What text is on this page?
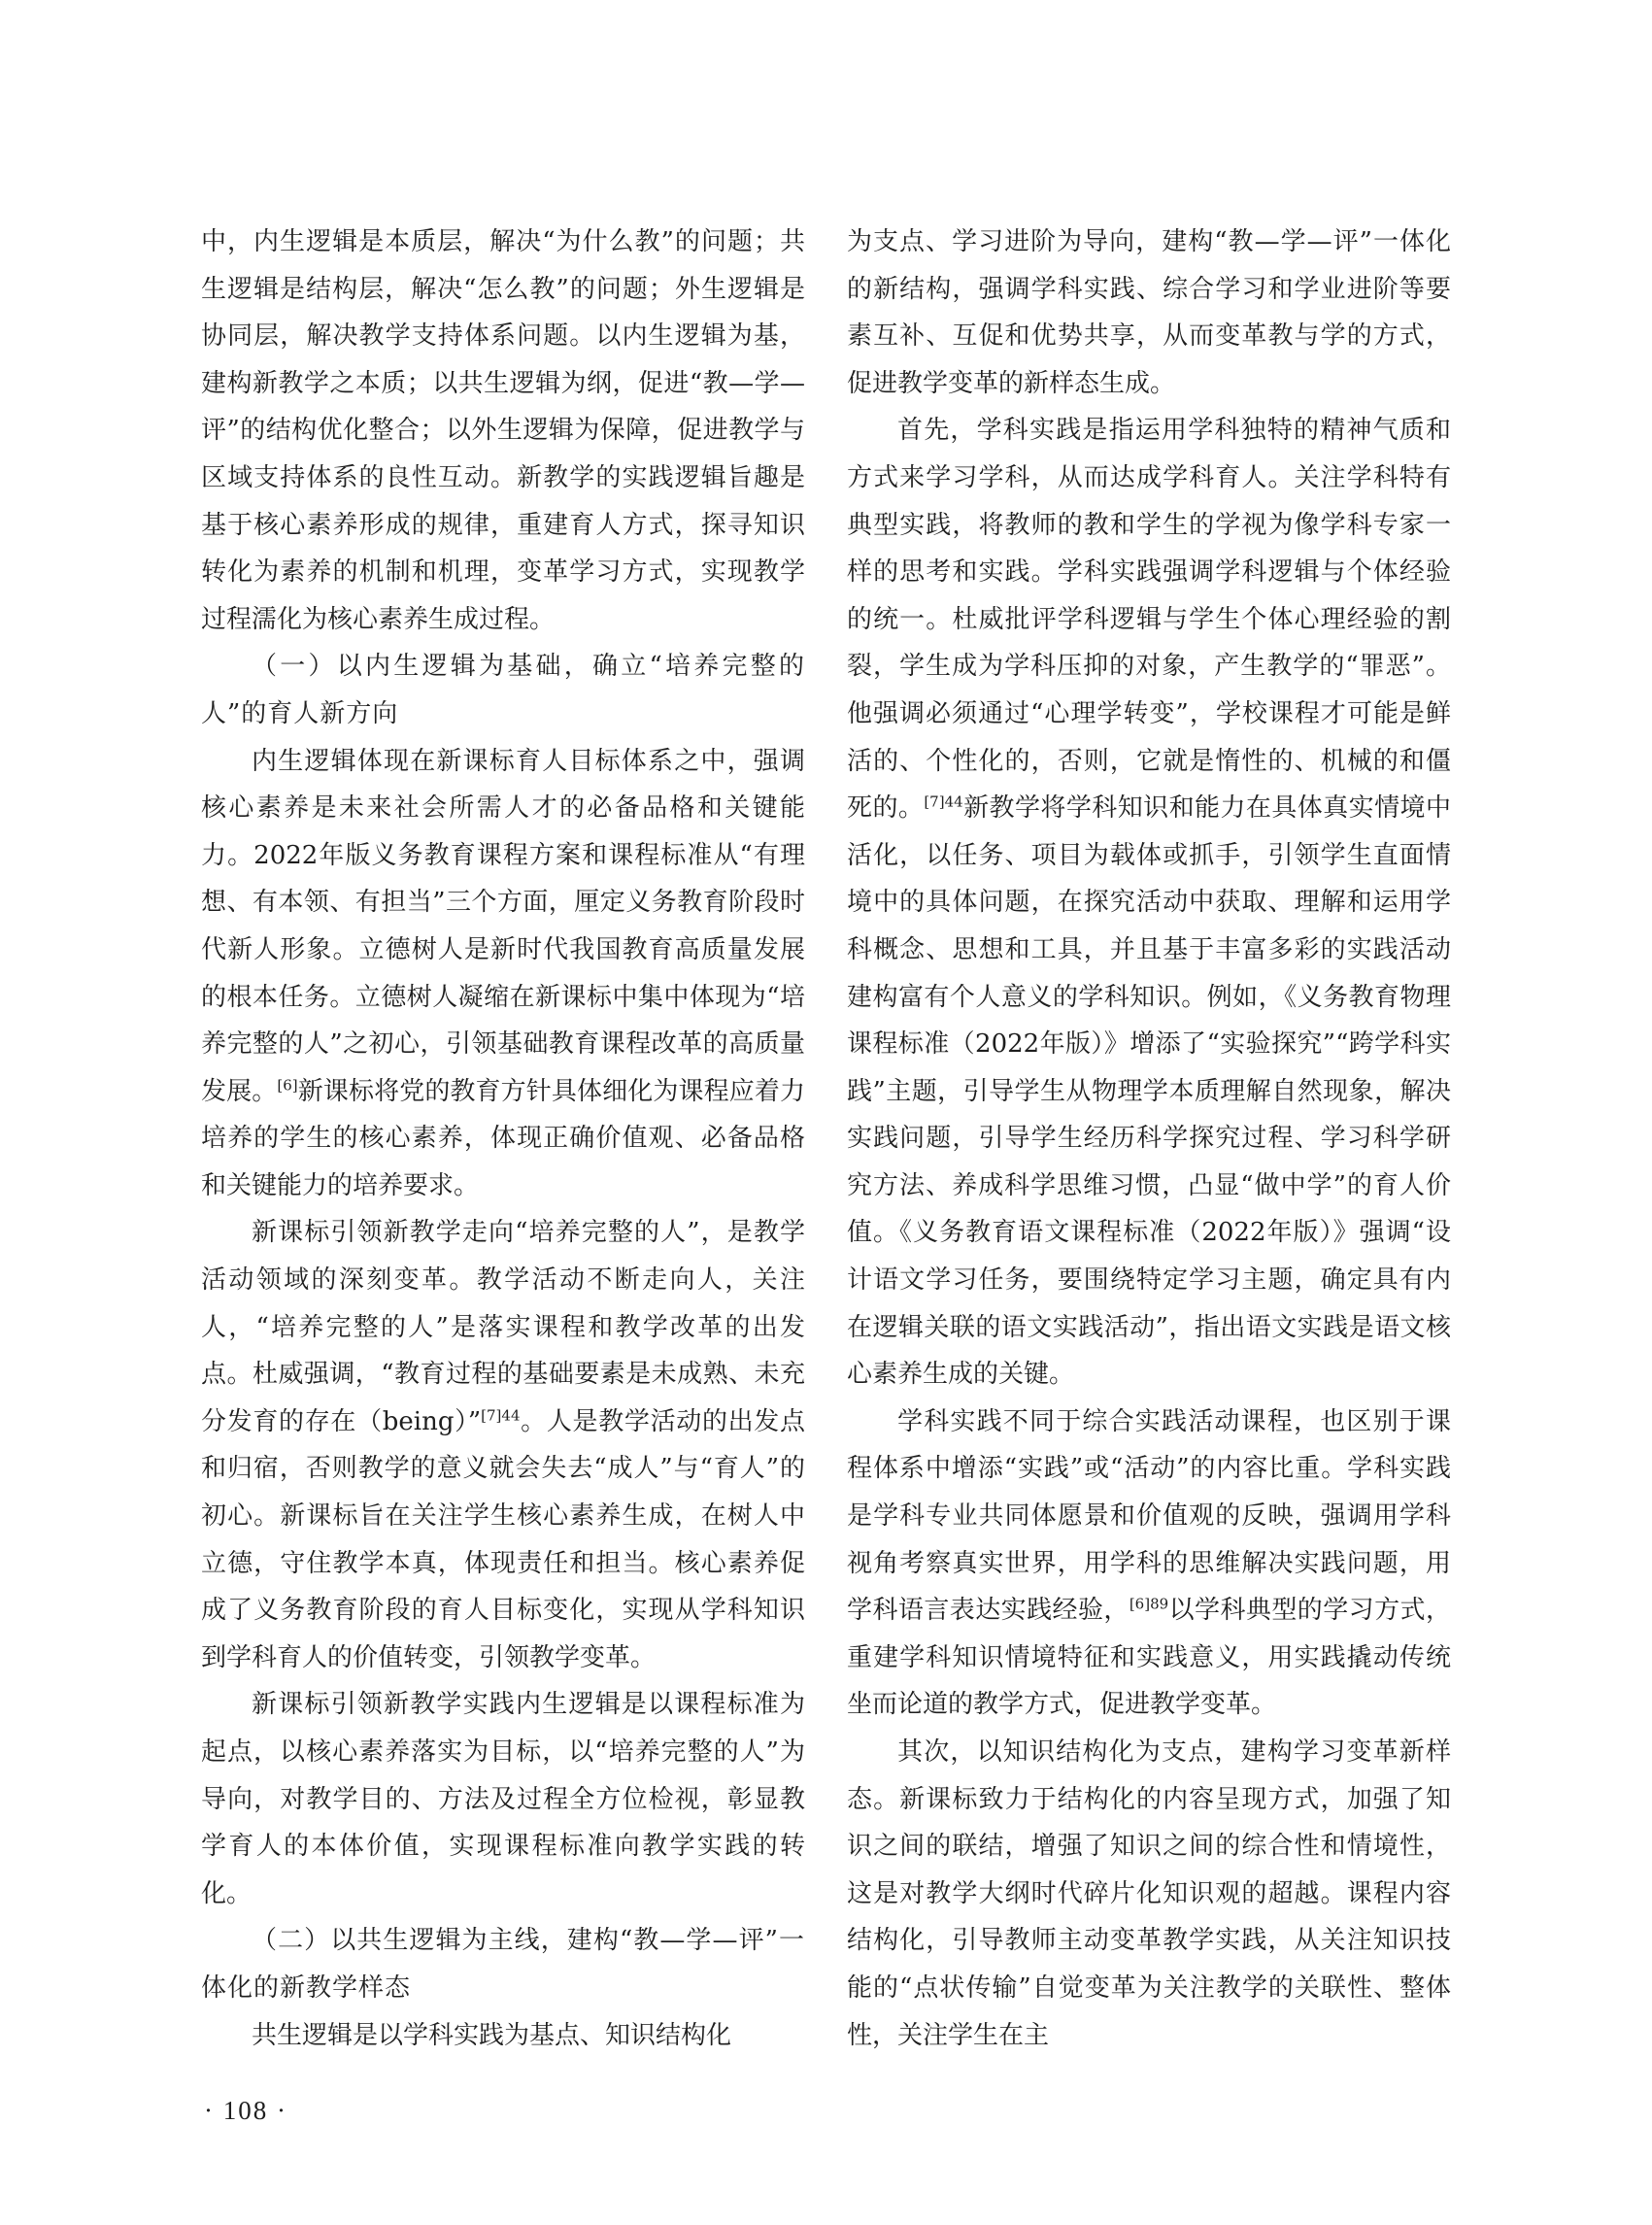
中，内生逻辑是本质层，解决“为什么教”的问题；共生逻辑是结构层，解决“怎么教”的问题；外生逻辑是协同层，解决教学支持体系问题。以内生逻辑为基，建构新教学之本质；以共生逻辑为纲，促进“教—学—评”的结构优化整合；以外生逻辑为保障，促进教学与区域支持体系的良性互动。新教学的实践逻辑旨趣是基于核心素养形成的规律，重建育人方式，探寻知识转化为素养的机制和机理，变革学习方式，实现教学过程濡化为核心素养生成过程。

（一）以内生逻辑为基础，确立“培养完整的人”的育人新方向

内生逻辑体现在新课标育人目标体系之中，强调核心素养是未来社会所需人才的必备品格和关键能力。2022年版义务教育课程方案和课程标准从“有理想、有本领、有担当”三个方面，厘定义务教育阶段时代新人形象。立德树人是新时代我国教育高质量发展的根本任务。立德树人凝缩在新课标中集中体现为“培养完整的人”之初心，引领基础教育课程改革的高质量发展。[6]新课标将党的教育方针具体细化为课程应着力培养的学生的核心素养，体现正确价值观、必备品格和关键能力的培养要求。

新课标引领新教学走向“培养完整的人”，是教学活动领域的深刻变革。教学活动不断走向人，关注人，“培养完整的人”是落实课程和教学改革的出发点。杜威强调，“教育过程的基础要素是未成熟、未充分发育的存在（being）”$^{[7]44}$。人是教学活动的出发点和归宿，否则教学的意义就会失去“成人”与“育人”的初心。新课标旨在关注学生核心素养生成，在树人中立德，守住教学本真，体现责任和担当。核心素养促成了义务教育阶段的育人目标变化，实现从学科知识到学科育人的价值转变，引领教学变革。

新课标引领新教学实践内生逻辑是以课程标准为起点，以核心素养落实为目标，以“培养完整的人”为导向，对教学目的、方法及过程全方位检视，彰显教学育人的本体价值，实现课程标准向教学实践的转化。

（二）以共生逻辑为主线，建构“教—学—评”一体化的新教学样态

共生逻辑是以学科实践为基点、知识结构化

为支点、学习进阶为导向，建构“教—学—评”一体化的新结构，强调学科实践、综合学习和学业进阶等要素互补、互促和优势共享，从而变革教与学的方式，促进教学变革的新样态生成。

首先，学科实践是指运用学科独特的精神气质和方式来学习学科，从而达成学科育人。关注学科特有典型实践，将教师的教和学生的学视为像学科专家一样的思考和实践。学科实践强调学科逻辑与个体经验的统一。杜威批评学科逻辑与学生个体心理经验的割裂，学生成为学科压抑的对象，产生教学的“罪恶”。他强调必须通过“心理学转变”，学校课程才可能是鲜活的、个性化的，否则，它就是惰性的、机械的和僵死的。$^{[7]44}$新教学将学科知识和能力在具体真实情境中活化，以任务、项目为载体或抓手，引领学生直面情境中的具体问题，在探究活动中获取、理解和运用学科概念、思想和工具，并且基于丰富多彩的实践活动建构富有个人意义的学科知识。例如，《义务教育物理课程标准（2022年版）》增添了“实验探究”“跨学科实践”主题，引导学生从物理学本质理解自然现象，解决实践问题，引导学生经历科学探究过程、学习科学研究方法、养成科学思维习惯，凸显“做中学”的育人价值。《义务教育语文课程标准（2022年版）》强调“设计语文学习任务，要围绕特定学习主题，确定具有内在逻辑关联的语文实践活动”，指出语文实践是语文核心素养生成的关键。

学科实践不同于综合实践活动课程，也区别于课程体系中增添“实践”或“活动”的内容比重。学科实践是学科专业共同体愿景和价值观的反映，强调用学科视角考察真实世界，用学科的思维解决实践问题，用学科语言表达实践经验，$^{[6]89}$以学科典型的学习方式，重建学科知识情境特征和实践意义，用实践撬动传统坐而论道的教学方式，促进教学变革。

其次，以知识结构化为支点，建构学习变革新样态。新课标致力于结构化的内容呈现方式，加强了知识之间的联结，增强了知识之间的综合性和情境性，这是对教学大纲时代碎片化知识观的超越。课程内容结构化，引导教师主动变革教学实践，从关注知识技能的“点状传输”自觉变革为关注教学的关联性、整体性，关注学生在主

· 108 ·
